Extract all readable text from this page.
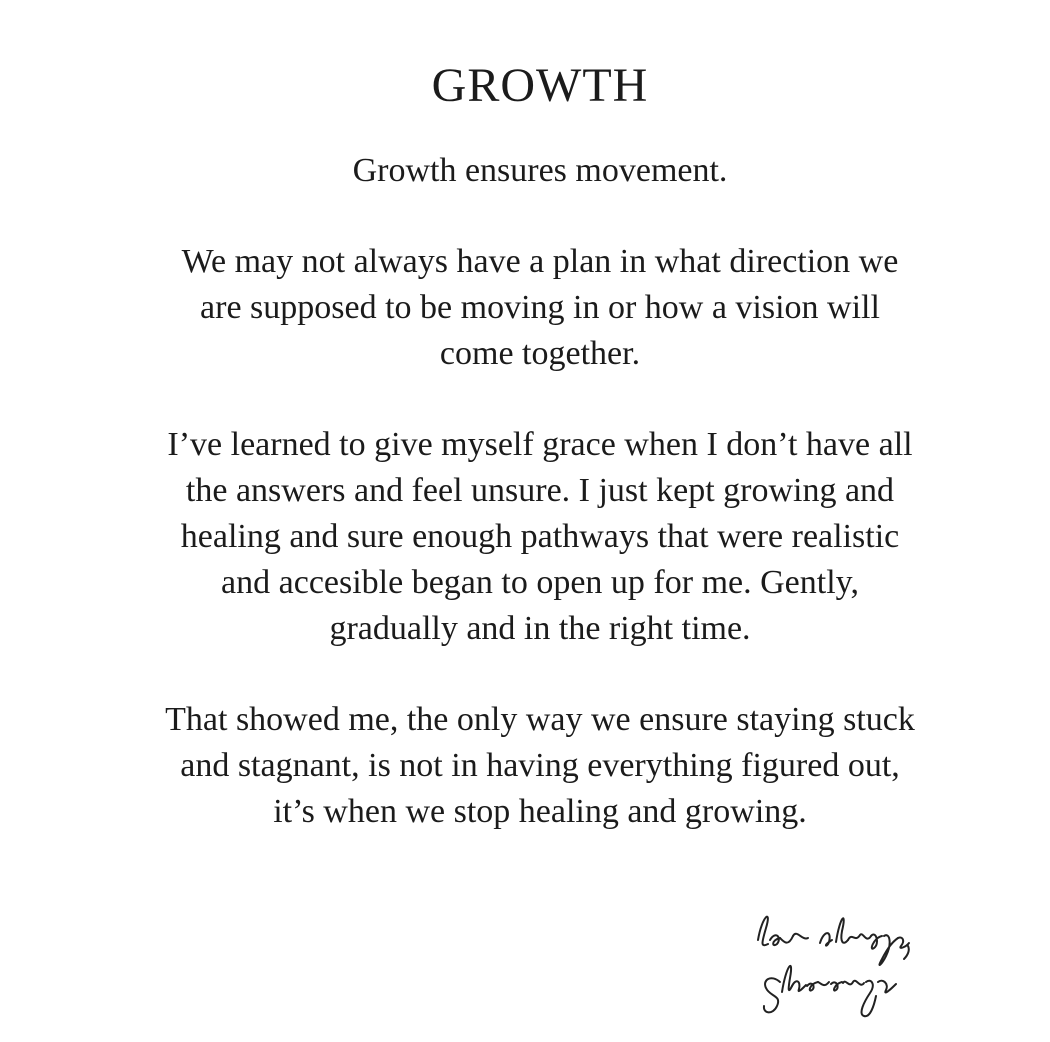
GROWTH

Growth ensures movement.

We may not always have a plan in what direction we are supposed to be moving in or how a vision will come together.

I’ve learned to give myself grace when I don’t have all the answers and feel unsure. I just kept growing and healing and sure enough pathways that were realistic and accesible began to open up for me. Gently, gradually and in the right time.

That showed me, the only way we ensure staying stuck and stagnant, is not in having everything figured out, it’s when we stop healing and growing.
